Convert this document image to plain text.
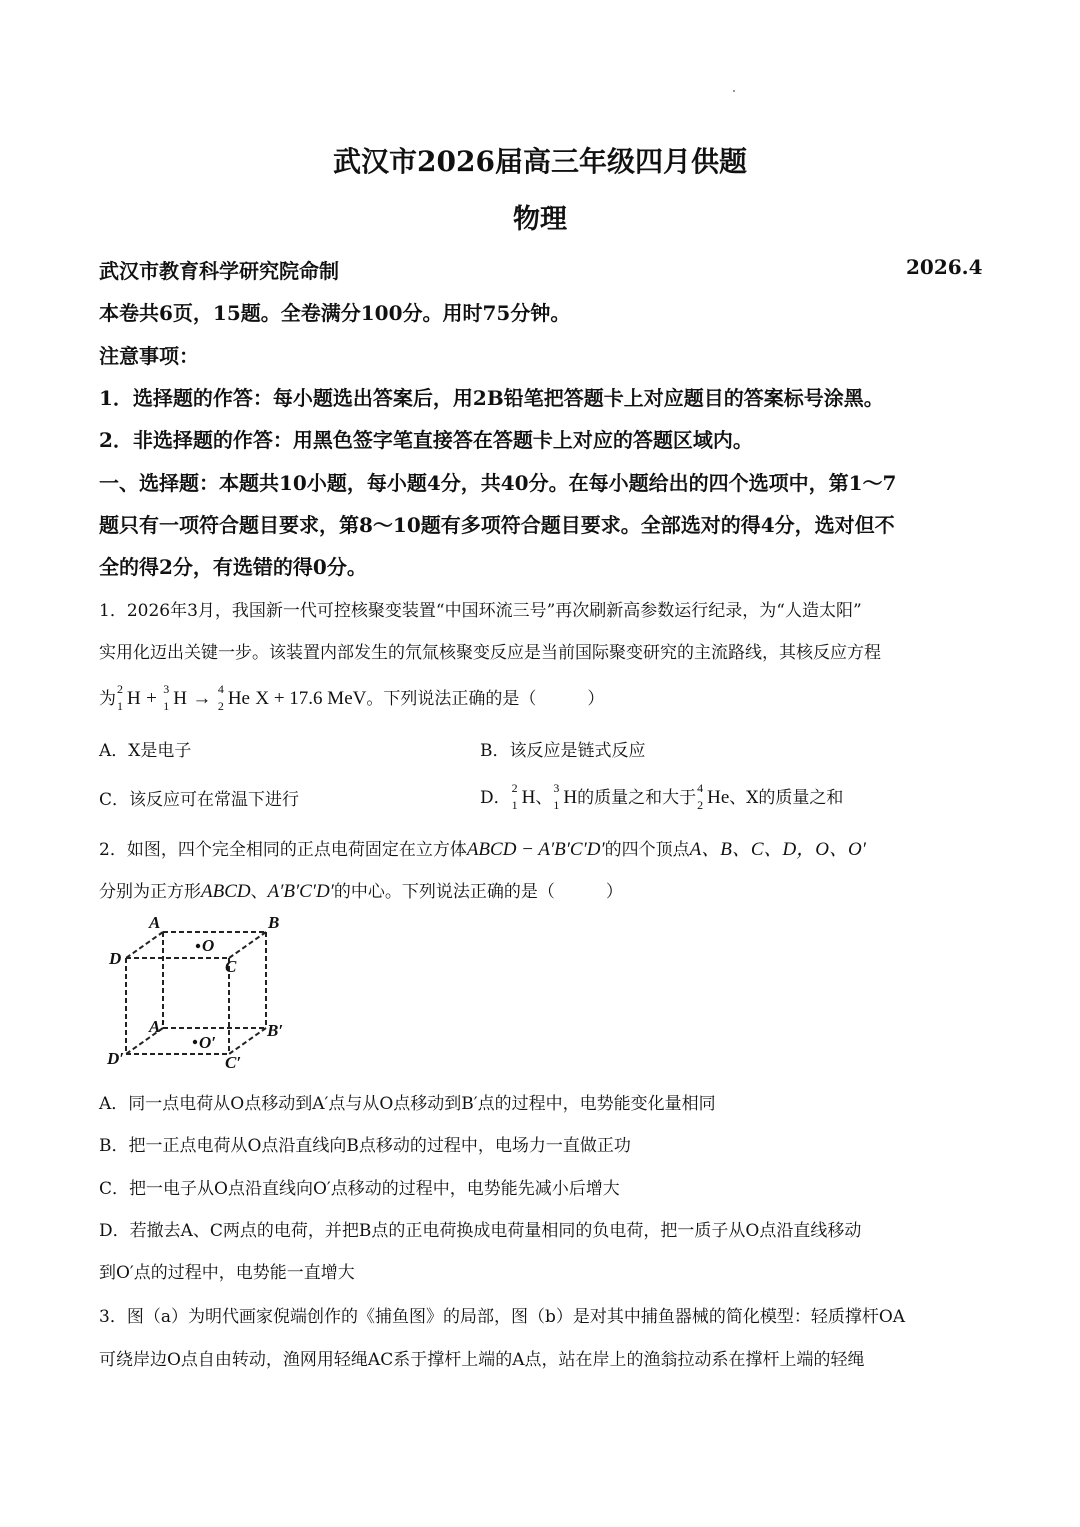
武汉市2026届高三年级四月供题
物理
武汉市教育科学研究院命制	2026.4
本卷共6页，15题。全卷满分100分。用时75分钟。
注意事项：
1．选择题的作答：每小题选出答案后，用2B铅笔把答题卡上对应题目的答案标号涂黑。
2．非选择题的作答：用黑色签字笔直接答在答题卡上对应的答题区域内。
一、选择题：本题共10小题，每小题4分，共40分。在每小题给出的四个选项中，第1～7
题只有一项符合题目要求，第8～10题有多项符合题目要求。全部选对的得4分，选对但不
全的得2分，有选错的得0分。
1．2026年3月，我国新一代可控核聚变装置“中国环流三号”再次刷新高参数运行纪录，为“人造太阳”
实用化迈出关键一步。该装置内部发生的氘氚核聚变反应是当前国际聚变研究的主流路线，其核反应方程
为 2
1 H + 3
1 H → 4
2 He X + 17.6 MeV。下列说法正确的是（　　　）
A．X是电子	B．该反应是链式反应
C．该反应可在常温下进行	D． 2
1 H、 3
1 H的质量之和大于 4
2 He、X的质量之和
2．如图，四个完全相同的正点电荷固定在立方体ABCD − A′B′C′D′的四个顶点A、B、C、D，O、O′
分别为正方形ABCD、A′B′C′D′的中心。下列说法正确的是（　　　）
A	B
D	C
O
A′	B′
D′	C′
O′
A．同一点电荷从O点移动到A′点与从O点移动到B′点的过程中，电势能变化量相同
B．把一正点电荷从O点沿直线向B点移动的过程中，电场力一直做正功
C．把一电子从O点沿直线向O′点移动的过程中，电势能先减小后增大
D．若撤去A、C两点的电荷，并把B点的正电荷换成电荷量相同的负电荷，把一质子从O点沿直线移动
到O′点的过程中，电势能一直增大
3．图（a）为明代画家倪端创作的《捕鱼图》的局部，图（b）是对其中捕鱼器械的简化模型：轻质撑杆OA
可绕岸边O点自由转动，渔网用轻绳AC系于撑杆上端的A点，站在岸上的渔翁拉动系在撑杆上端的轻绳
